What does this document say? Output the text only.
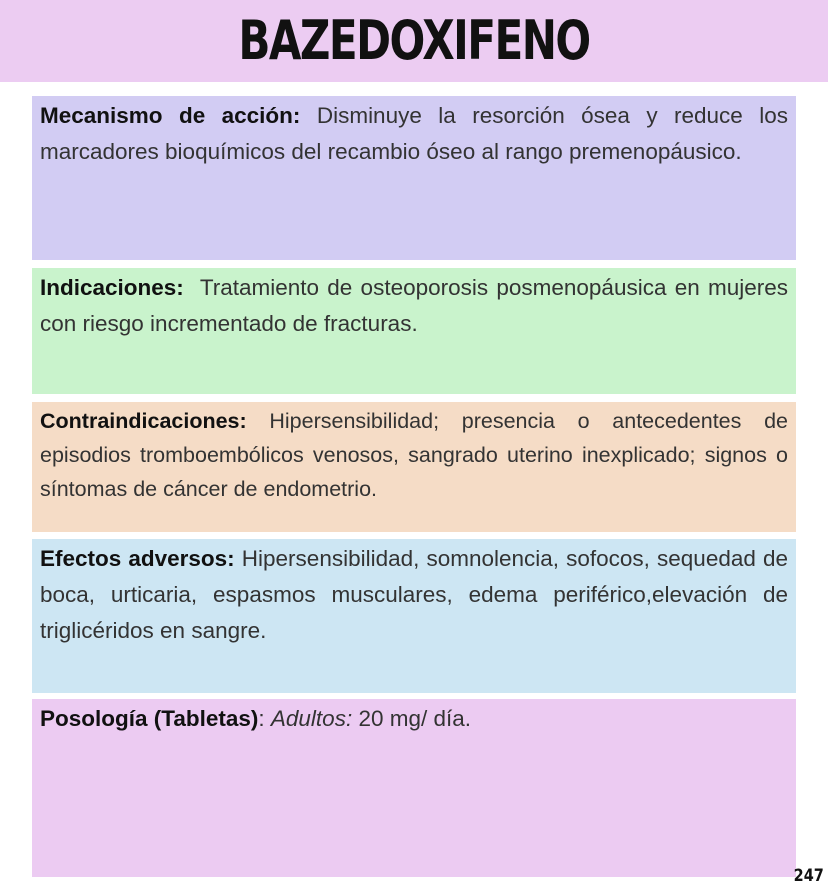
BAZEDOXIFENO

Mecanismo de acción: Disminuye la resorción ósea y reduce los marcadores bioquímicos del recambio óseo al rango premenopáusico.

Indicaciones:  Tratamiento de osteoporosis posmenopáusica en mujeres con riesgo incrementado de fracturas.

Contraindicaciones: Hipersensibilidad; presencia o antecedentes de episodios tromboembólicos venosos, sangrado uterino inexplicado; signos o síntomas de cáncer de endometrio.

Efectos adversos: Hipersensibilidad, somnolencia, sofocos, sequedad de boca, urticaria, espasmos musculares, edema periférico,elevación de triglicéridos en sangre.

Posología (Tabletas): Adultos: 20 mg/ día.

247
